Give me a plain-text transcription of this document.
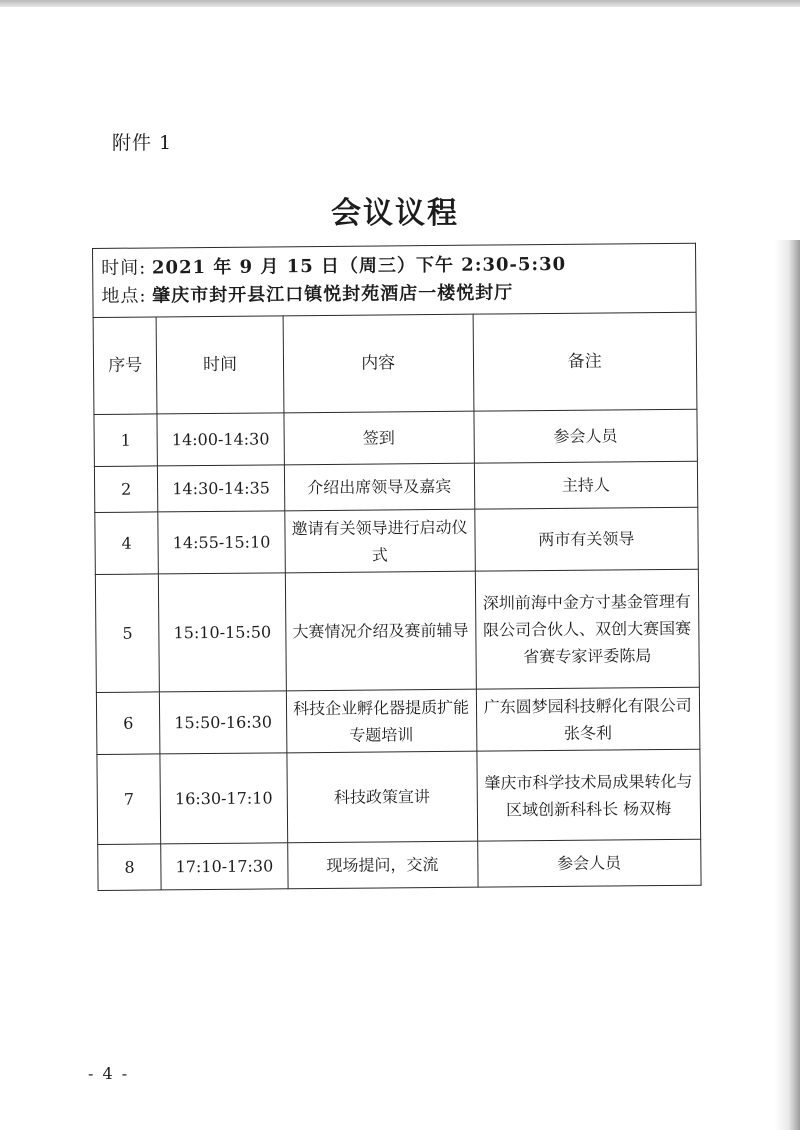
附件 1
会议议程
时间: 2021 年 9 月 15 日（周三）下午 2:30-5:30
地点: 肇庆市封开县江口镇悦封苑酒店一楼悦封厅			

序号	时间	内容	备注
1	14:00-14:30	签到	参会人员
2	14:30-14:35	介绍出席领导及嘉宾	主持人
4	14:55-15:10	邀请有关领导进行启动仪式	两市有关领导
5	15:10-15:50	大赛情况介绍及赛前辅导	深圳前海中金方寸基金管理有限公司合伙人、双创大赛国赛省赛专家评委陈局
6	15:50-16:30	科技企业孵化器提质扩能专题培训	广东圆梦园科技孵化有限公司 张冬利
7	16:30-17:10	科技政策宣讲	肇庆市科学技术局成果转化与区域创新科科长 杨双梅
8	17:10-17:30	现场提问，交流	参会人员
- 4 -
